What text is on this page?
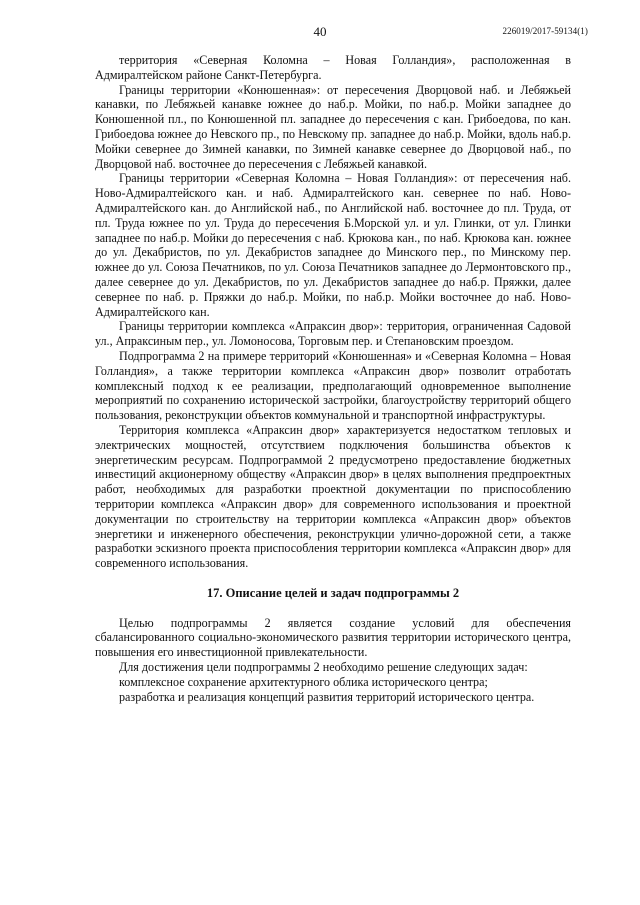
40	226019/2017-59134(1)

территория «Северная Коломна – Новая Голландия», расположенная в Адмиралтейском районе Санкт-Петербурга.

Границы территории «Конюшенная»: от пересечения Дворцовой наб. и Лебяжьей канавки, по Лебяжьей канавке южнее до наб.р. Мойки, по наб.р. Мойки западнее до Конюшенной пл., по Конюшенной пл. западнее до пересечения с кан. Грибоедова, по кан. Грибоедова южнее до Невского пр., по Невскому пр. западнее до наб.р. Мойки, вдоль наб.р. Мойки севернее до Зимней канавки, по Зимней канавке севернее до Дворцовой наб., по Дворцовой наб. восточнее до пересечения с Лебяжьей канавкой.

Границы территории «Северная Коломна – Новая Голландия»: от пересечения наб. Ново-Адмиралтейского кан. и наб. Адмиралтейского кан. севернее по наб. Ново-Адмиралтейского кан. до Английской наб., по Английской наб. восточнее до пл. Труда, от пл. Труда южнее по ул. Труда до пересечения Б.Морской ул. и ул. Глинки, от ул. Глинки западнее по наб.р. Мойки до пересечения с наб. Крюкова кан., по наб. Крюкова кан. южнее до ул. Декабристов, по ул. Декабристов западнее до Минского пер., по Минскому пер. южнее до ул. Союза Печатников, по ул. Союза Печатников западнее до Лермонтовского пр., далее севернее до ул. Декабристов, по ул. Декабристов западнее до наб.р. Пряжки, далее севернее по наб. р. Пряжки до наб.р. Мойки, по наб.р. Мойки восточнее до наб. Ново-Адмиралтейского кан.

Границы территории комплекса «Апраксин двор»: территория, ограниченная Садовой ул., Апраксиным пер., ул. Ломоносова, Торговым пер. и Степановским проездом.

Подпрограмма 2 на примере территорий «Конюшенная» и «Северная Коломна – Новая Голландия», а также территории комплекса «Апраксин двор» позволит отработать комплексный подход к ее реализации, предполагающий одновременное выполнение мероприятий по сохранению исторической застройки, благоустройству территорий общего пользования, реконструкции объектов коммунальной и транспортной инфраструктуры.

Территория комплекса «Апраксин двор» характеризуется недостатком тепловых и электрических мощностей, отсутствием подключения большинства объектов к энергетическим ресурсам. Подпрограммой 2 предусмотрено предоставление бюджетных инвестиций акционерному обществу «Апраксин двор» в целях выполнения предпроектных работ, необходимых для разработки проектной документации по приспособлению территории комплекса «Апраксин двор» для современного использования и проектной документации по строительству на территории комплекса «Апраксин двор» объектов энергетики и инженерного обеспечения, реконструкции улично-дорожной сети, а также разработки эскизного проекта приспособления территории комплекса «Апраксин двор» для современного использования.

17. Описание целей и задач подпрограммы 2

Целью подпрограммы 2 является создание условий для обеспечения сбалансированного социально-экономического развития территории исторического центра, повышения его инвестиционной привлекательности.

Для достижения цели подпрограммы 2 необходимо решение следующих задач:

комплексное сохранение архитектурного облика исторического центра;

разработка и реализация концепций развития территорий исторического центра.
